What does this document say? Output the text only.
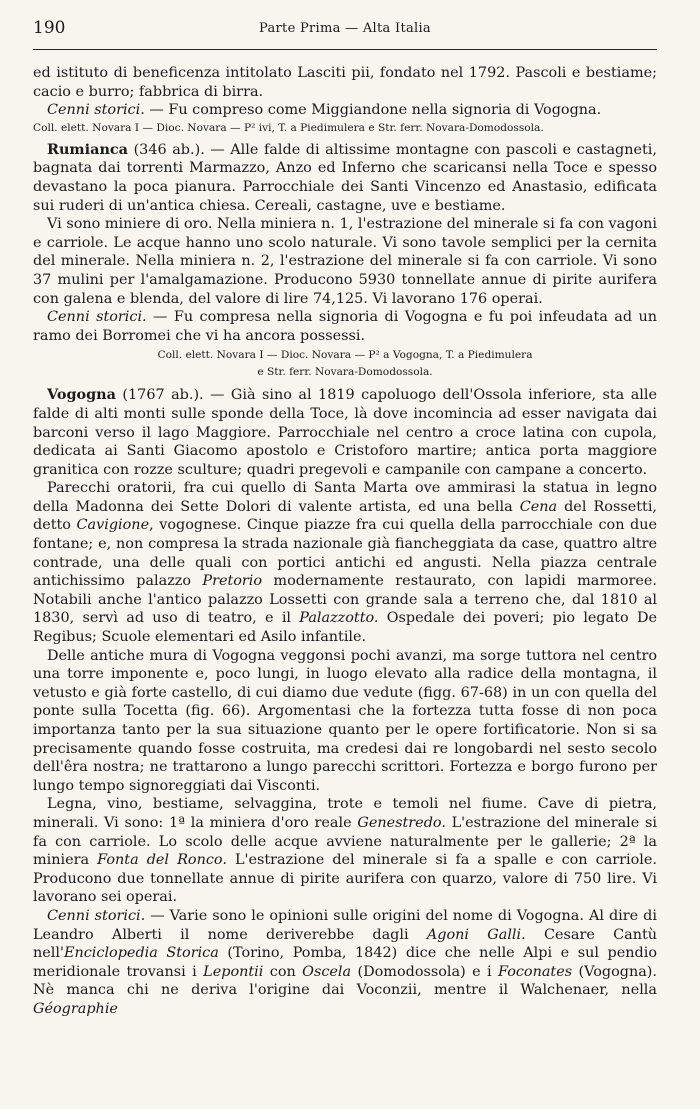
190	Parte Prima — Alta Italia

ed istituto di beneficenza intitolato Lasciti pii, fondato nel 1792. Pascoli e bestiame; cacio e burro; fabbrica di birra.

Cenni storici. — Fu compreso come Miggiandone nella signoria di Vogogna.

Coll. elett. Novara I — Dioc. Novara — P² ivi, T. a Piedimulera e Str. ferr. Novara-Domodossola.

Rumianca (346 ab.). — Alle falde di altissime montagne con pascoli e castagneti, bagnata dai torrenti Marmazzo, Anzo ed Inferno che scaricansi nella Toce e spesso devastano la poca pianura. Parrocchiale dei Santi Vincenzo ed Anastasio, edificata sui ruderi di un'antica chiesa. Cereali, castagne, uve e bestiame.

Vi sono miniere di oro. Nella miniera n. 1, l'estrazione del minerale si fa con vagoni e carriole. Le acque hanno uno scolo naturale. Vi sono tavole semplici per la cernita del minerale. Nella miniera n. 2, l'estrazione del minerale si fa con carriole. Vi sono 37 mulini per l'amalgamazione. Producono 5930 tonnellate annue di pirite aurifera con galena e blenda, del valore di lire 74,125. Vi lavorano 176 operai.

Cenni storici. — Fu compresa nella signoria di Vogogna e fu poi infeudata ad un ramo dei Borromei che vi ha ancora possessi.

Coll. elett. Novara I — Dioc. Novara — P² a Vogogna, T. a Piedimulera
e Str. ferr. Novara-Domodossola.

Vogogna (1767 ab.). — Già sino al 1819 capoluogo dell'Ossola inferiore, sta alle falde di alti monti sulle sponde della Toce, là dove incomincia ad esser navigata dai barconi verso il lago Maggiore. Parrocchiale nel centro a croce latina con cupola, dedicata ai Santi Giacomo apostolo e Cristoforo martire; antica porta maggiore granitica con rozze sculture; quadri pregevoli e campanile con campane a concerto.

Parecchi oratorii, fra cui quello di Santa Marta ove ammirasi la statua in legno della Madonna dei Sette Dolori di valente artista, ed una bella Cena del Rossetti, detto Cavigione, vogognese. Cinque piazze fra cui quella della parrocchiale con due fontane; e, non compresa la strada nazionale già fiancheggiata da case, quattro altre contrade, una delle quali con portici antichi ed angusti. Nella piazza centrale antichissimo palazzo Pretorio modernamente restaurato, con lapidi marmoree. Notabili anche l'antico palazzo Lossetti con grande sala a terreno che, dal 1810 al 1830, servì ad uso di teatro, e il Palazzotto. Ospedale dei poveri; pio legato De Regibus; Scuole elementari ed Asilo infantile.

Delle antiche mura di Vogogna veggonsi pochi avanzi, ma sorge tuttora nel centro una torre imponente e, poco lungi, in luogo elevato alla radice della montagna, il vetusto e già forte castello, di cui diamo due vedute (figg. 67-68) in un con quella del ponte sulla Tocetta (fig. 66). Argomentasi che la fortezza tutta fosse di non poca importanza tanto per la sua situazione quanto per le opere fortificatorie. Non si sa precisamente quando fosse costruita, ma credesi dai re longobardi nel sesto secolo dell'êra nostra; ne trattarono a lungo parecchi scrittori. Fortezza e borgo furono per lungo tempo signoreggiati dai Visconti.

Legna, vino, bestiame, selvaggina, trote e temoli nel fiume. Cave di pietra, minerali. Vi sono: 1ª la miniera d'oro reale Genestredo. L'estrazione del minerale si fa con carriole. Lo scolo delle acque avviene naturalmente per le gallerie; 2ª la miniera Fonta del Ronco. L'estrazione del minerale si fa a spalle e con carriole. Producono due tonnellate annue di pirite aurifera con quarzo, valore di 750 lire. Vi lavorano sei operai.

Cenni storici. — Varie sono le opinioni sulle origini del nome di Vogogna. Al dire di Leandro Alberti il nome deriverebbe dagli Agoni Galli. Cesare Cantù nell'Enciclopedia Storica (Torino, Pomba, 1842) dice che nelle Alpi e sul pendio meridionale trovansi i Lepontii con Oscela (Domodossola) e i Foconates (Vogogna). Nè manca chi ne deriva l'origine dai Voconzii, mentre il Walchenaer, nella Géographie
